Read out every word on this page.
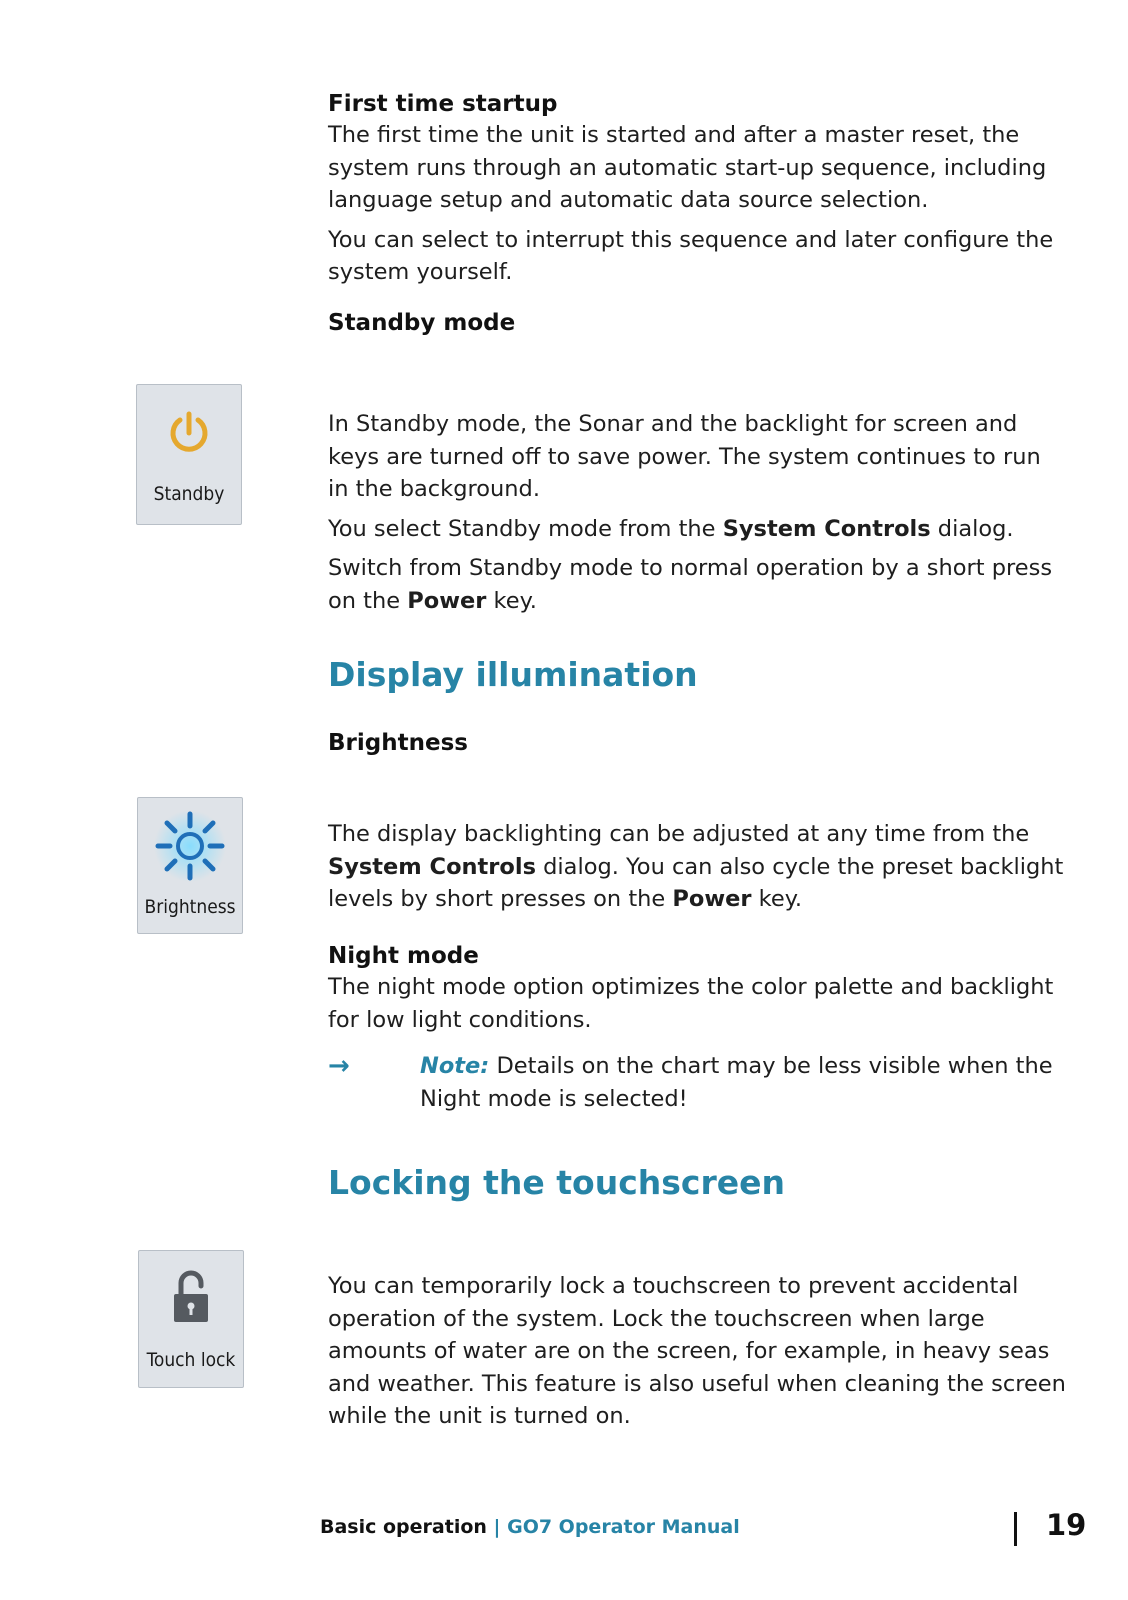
First time startup

The first time the unit is started and after a master reset, the system runs through an automatic start-up sequence, including language setup and automatic data source selection.

You can select to interrupt this sequence and later configure the system yourself.

Standby mode

Standby

In Standby mode, the Sonar and the backlight for screen and keys are turned off to save power. The system continues to run in the background.

You select Standby mode from the System Controls dialog.

Switch from Standby mode to normal operation by a short press on the Power key.

Display illumination

Brightness

Brightness

The display backlighting can be adjusted at any time from the System Controls dialog. You can also cycle the preset backlight levels by short presses on the Power key.

Night mode

The night mode option optimizes the color palette and backlight for low light conditions.

→	Note: Details on the chart may be less visible when the Night mode is selected!
Locking the touchscreen
Touch lock

You can temporarily lock a touchscreen to prevent accidental operation of the system. Lock the touchscreen when large amounts of water are on the screen, for example, in heavy seas and weather. This feature is also useful when cleaning the screen while the unit is turned on.

Basic operation | GO7 Operator Manual	19
